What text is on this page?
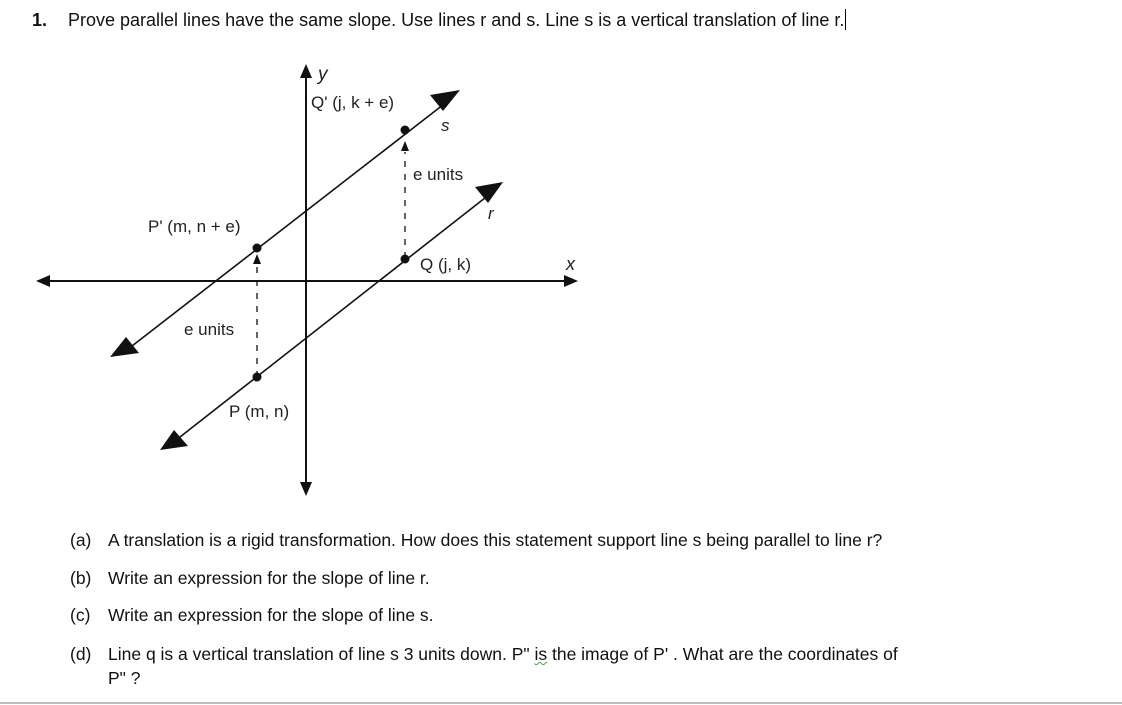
1. Prove parallel lines have the same slope. Use lines r and s. Line s is a vertical translation of line r.
y
x
Q' (j, k + e)
s
e units
r
P' (m, n + e)
Q (j, k)
e units
P (m, n)
(a) A translation is a rigid transformation. How does this statement support line s being parallel to line r?
(b) Write an expression for the slope of line r.
(c) Write an expression for the slope of line s.
(d) Line q is a vertical translation of line s 3 units down. P" is the image of P' . What are the coordinates of
P" ?
